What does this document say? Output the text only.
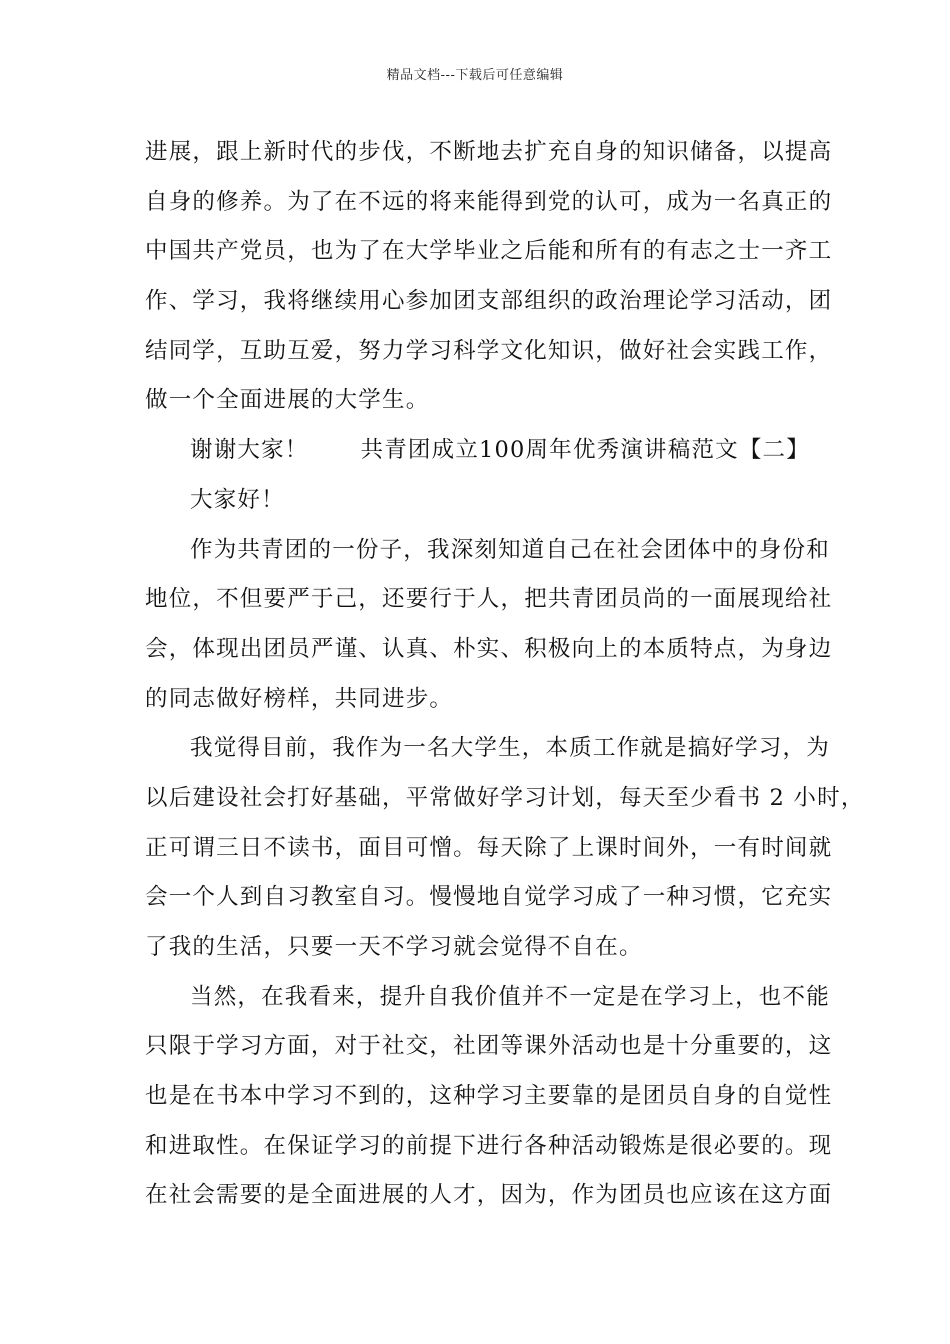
精品文档---下载后可任意编辑
进展，跟上新时代的步伐，不断地去扩充自身的知识储备，以提高
自身的修养。为了在不远的将来能得到党的认可，成为一名真正的
中国共产党员，也为了在大学毕业之后能和所有的有志之士一齐工
作、学习，我将继续用心参加团支部组织的政治理论学习活动，团
结同学，互助互爱，努力学习科学文化知识，做好社会实践工作，
做一个全面进展的大学生。
谢谢大家！ 共青团成立100周年优秀演讲稿范文【二】
大家好！
作为共青团的一份子，我深刻知道自己在社会团体中的身份和
地位，不但要严于己，还要行于人，把共青团员尚的一面展现给社
会，体现出团员严谨、认真、朴实、积极向上的本质特点，为身边
的同志做好榜样，共同进步。
我觉得目前，我作为一名大学生，本质工作就是搞好学习，为
以后建设社会打好基础，平常做好学习计划，每天至少看书 2 小时，
正可谓三日不读书，面目可憎。每天除了上课时间外，一有时间就
会一个人到自习教室自习。慢慢地自觉学习成了一种习惯，它充实
了我的生活，只要一天不学习就会觉得不自在。
当然，在我看来，提升自我价值并不一定是在学习上，也不能
只限于学习方面，对于社交，社团等课外活动也是十分重要的，这
也是在书本中学习不到的，这种学习主要靠的是团员自身的自觉性
和进取性。在保证学习的前提下进行各种活动锻炼是很必要的。现
在社会需要的是全面进展的人才，因为，作为团员也应该在这方面
